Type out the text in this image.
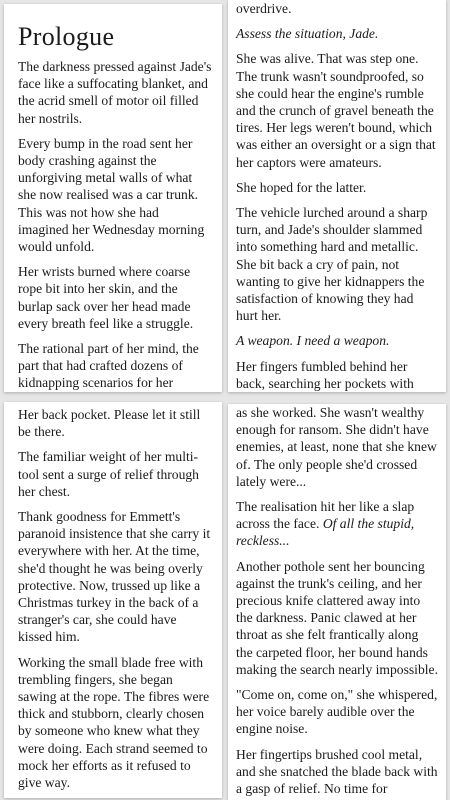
Prologue

The darkness pressed against Jade's face like a suffocating blanket, and the acrid smell of motor oil filled her nostrils.

Every bump in the road sent her body crashing against the unforgiving metal walls of what she now realised was a car trunk. This was not how she had imagined her Wednesday morning would unfold.

Her wrists burned where coarse rope bit into her skin, and the burlap sack over her head made every breath feel like a struggle.

The rational part of her mind, the part that had crafted dozens of kidnapping scenarios for her

overdrive.

Assess the situation, Jade.

She was alive. That was step one. The trunk wasn't soundproofed, so she could hear the engine's rumble and the crunch of gravel beneath the tires. Her legs weren't bound, which was either an oversight or a sign that her captors were amateurs.

She hoped for the latter.

The vehicle lurched around a sharp turn, and Jade's shoulder slammed into something hard and metallic. She bit back a cry of pain, not wanting to give her kidnappers the satisfaction of knowing they had hurt her.

A weapon. I need a weapon.

Her fingers fumbled behind her back, searching her pockets with

Her back pocket. Please let it still be there.

The familiar weight of her multi-tool sent a surge of relief through her chest.

Thank goodness for Emmett's paranoid insistence that she carry it everywhere with her. At the time, she'd thought he was being overly protective. Now, trussed up like a Christmas turkey in the back of a stranger's car, she could have kissed him.

Working the small blade free with trembling fingers, she began sawing at the rope. The fibres were thick and stubborn, clearly chosen by someone who knew what they were doing. Each strand seemed to mock her efforts as it refused to give way.

as she worked. She wasn't wealthy enough for ransom. She didn't have enemies, at least, none that she knew of. The only people she'd crossed lately were...

The realisation hit her like a slap across the face. Of all the stupid, reckless...

Another pothole sent her bouncing against the trunk's ceiling, and her precious knife clattered away into the darkness. Panic clawed at her throat as she felt frantically along the carpeted floor, her bound hands making the search nearly impossible.

"Come on, come on," she whispered, her voice barely audible over the engine noise.

Her fingertips brushed cool metal, and she snatched the blade back with a gasp of relief. No time for
